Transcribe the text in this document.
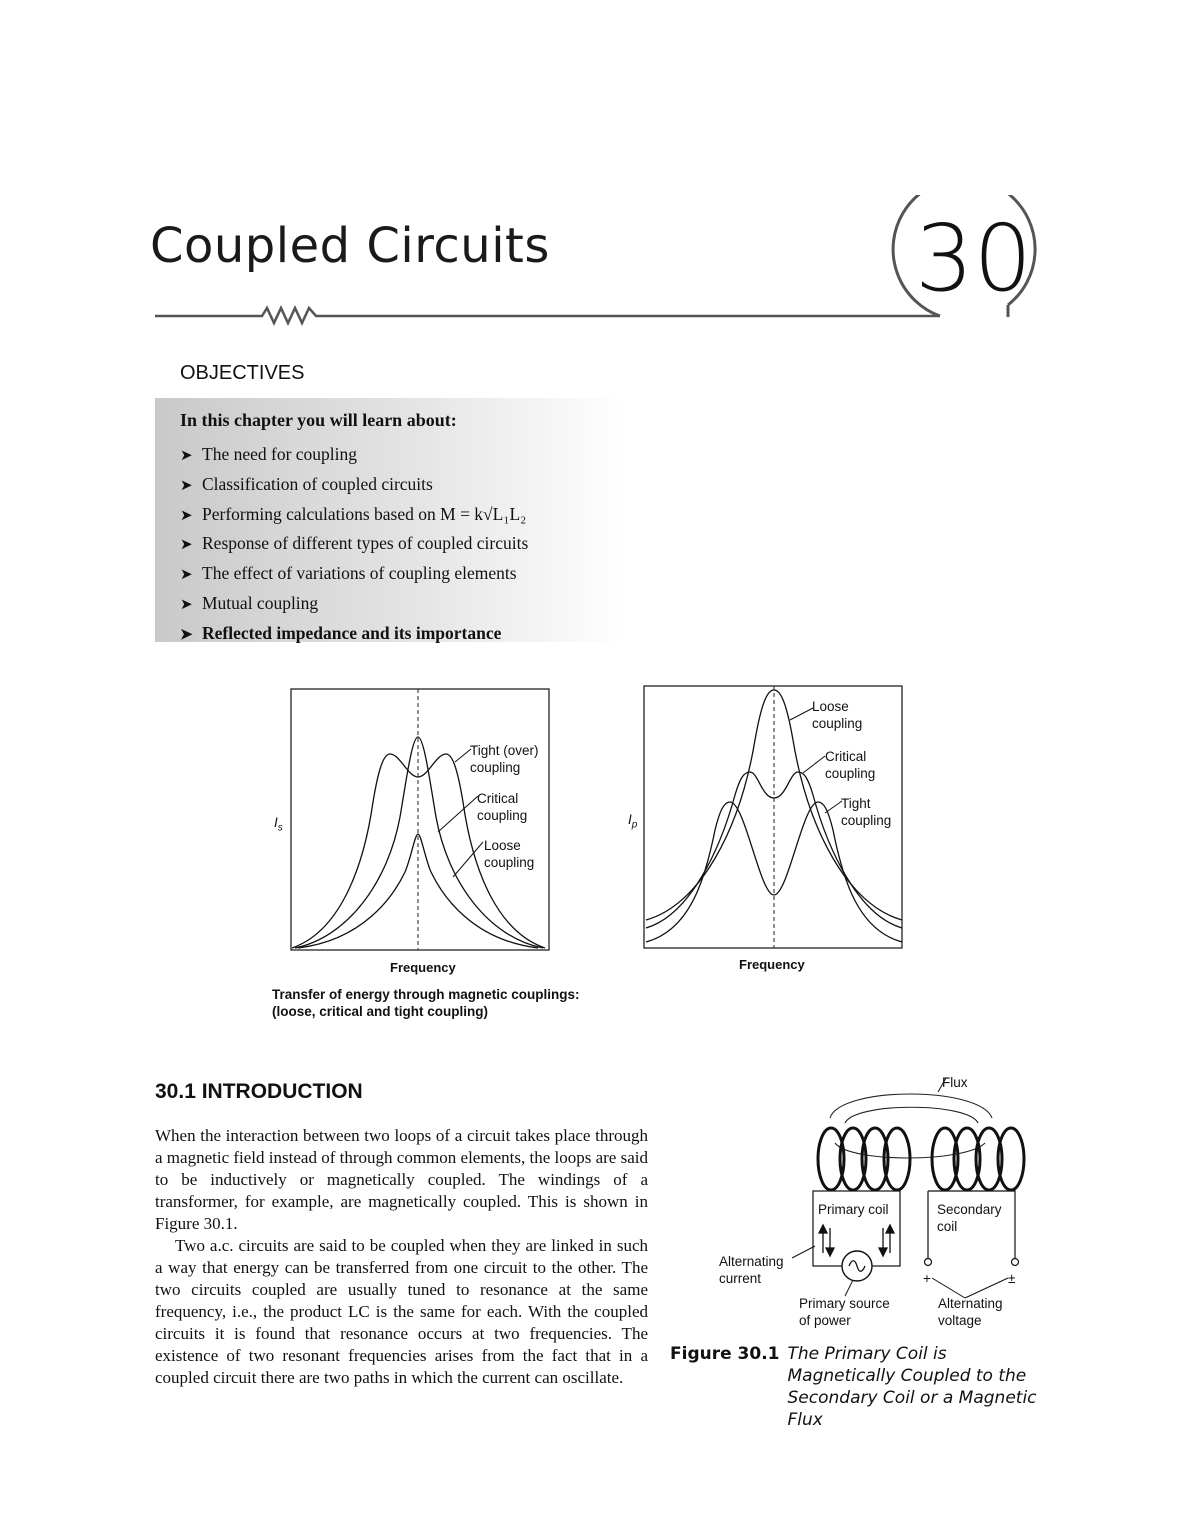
Coupled Circuits	30
OBJECTIVES
In this chapter you will learn about:
➤ The need for coupling
➤ Classification of coupled circuits
➤ Performing calculations based on M = k√L₁L₂
➤ Response of different types of coupled circuits
➤ The effect of variations of coupling elements
➤ Mutual coupling
➤ Reflected impedance and its importance
$I_s$
Tight (over)
coupling
Critical
coupling
Loose
coupling
Frequency
$I_p$
Loose
coupling
Critical
coupling
Tight
coupling
Frequency
Transfer of energy through magnetic couplings:
(loose, critical and tight coupling)
30.1 INTRODUCTION

When the interaction between two loops of a circuit takes place through a magnetic field instead of through common elements, the loops are said to be inductively or magnetically coupled. The windings of a transformer, for example, are magnetically coupled. This is shown in Figure 30.1.

Two a.c. circuits are said to be coupled when they are linked in such a way that energy can be transferred from one circuit to the other. The two circuits coupled are usually tuned to resonance at the same frequency, i.e., the product LC is the same for each. With the coupled circuits it is found that resonance occurs at two frequencies. The existence of two resonant frequencies arises from the fact that in a coupled circuit there are two paths in which the current can oscillate.

Flux
Primary coil	Secondary
coil
Alternating
current
Primary source
of power
Alternating
voltage
+	±
Figure 30.1 The Primary Coil is Magnetically Coupled to the Secondary Coil or a Magnetic Flux
